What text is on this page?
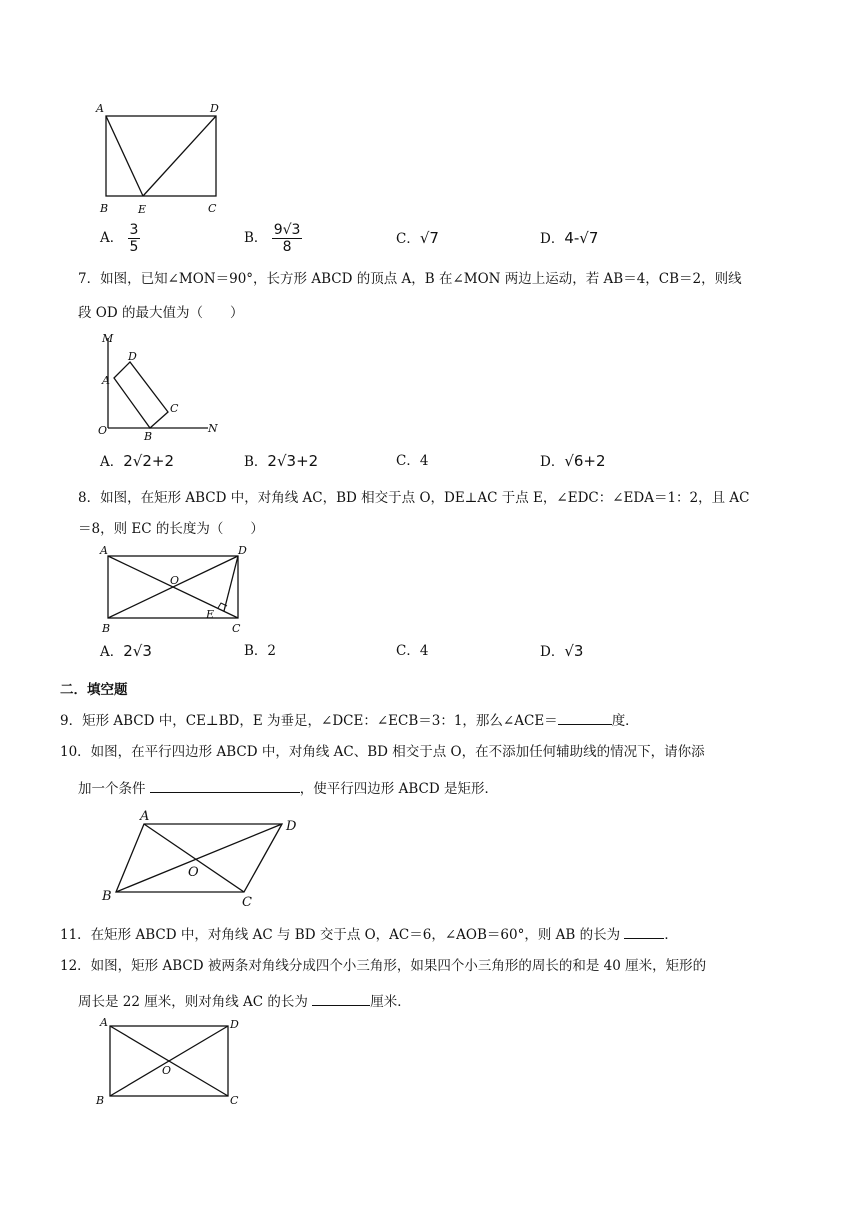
A	D
B	E	C
A． $\frac{3}{5}$	B． $\frac{9√3}{8}$	C．√7	D．4-√7
7．如图，已知∠MON＝90°，长方形 ABCD 的顶点 A，B 在∠MON 两边上运动，若 AB＝4，CB＝2，则线
段 OD 的最大值为（　　）
M
N
O
A
D
C
B
A．2√2+2	B．2√3+2	C．4	D．√6+2
8．如图，在矩形 ABCD 中，对角线 AC，BD 相交于点 O，DE⊥AC 于点 E，∠EDC：∠EDA＝1：2，且 AC
＝8，则 EC 的长度为（　　）
A	D
B	C
E
O
A．2√3	B．2	C．4	D．√3
二．填空题
9．矩形 ABCD 中，CE⊥BD，E 为垂足，∠DCE：∠ECB＝3：1，那么∠ACE＝	度．
10．如图，在平行四边形 ABCD 中，对角线 AC、BD 相交于点 O，在不添加任何辅助线的情况下，请你添
加一个条件	，使平行四边形 ABCD 是矩形．
A
D
B	C
O
11．在矩形 ABCD 中，对角线 AC 与 BD 交于点 O，AC＝6，∠AOB＝60°，则 AB 的长为	．
12．如图，矩形 ABCD 被两条对角线分成四个小三角形，如果四个小三角形的周长的和是 40 厘米，矩形的
周长是 22 厘米，则对角线 AC 的长为	厘米．
A	D
B	C
O
